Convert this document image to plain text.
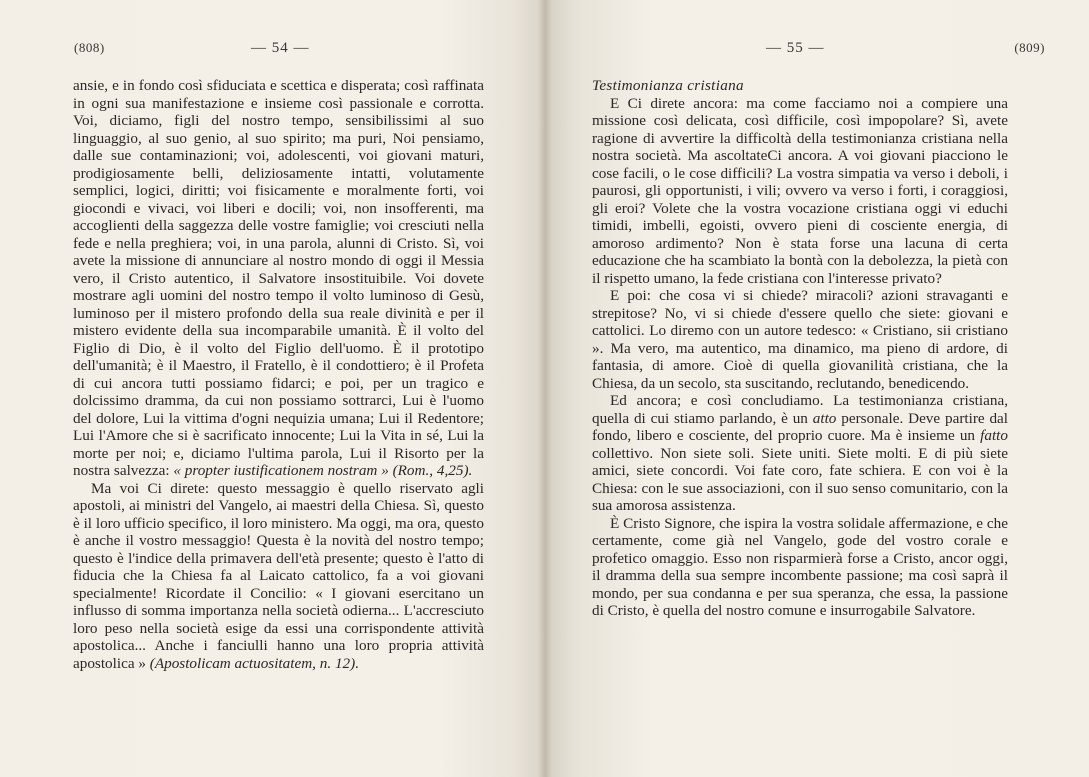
(808)	— 54 —

ansie, e in fondo così sfiduciata e scettica e disperata; così raffinata in ogni sua manifestazione e insieme così passionale e corrotta. Voi, diciamo, figli del nostro tempo, sensibilissimi al suo linguaggio, al suo genio, al suo spirito; ma puri, Noi pensiamo, dalle sue contaminazioni; voi, adolescenti, voi giovani maturi, prodigiosamente belli, deliziosamente intatti, volutamente semplici, logici, diritti; voi fisicamente e moralmente forti, voi giocondi e vivaci, voi liberi e docili; voi, non insofferenti, ma accoglienti della saggezza delle vostre famiglie; voi cresciuti nella fede e nella preghiera; voi, in una parola, alunni di Cristo. Sì, voi avete la missione di annunciare al nostro mondo di oggi il Messia vero, il Cristo autentico, il Salvatore insostituibile. Voi dovete mostrare agli uomini del nostro tempo il volto luminoso di Gesù, luminoso per il mistero profondo della sua reale divinità e per il mistero evidente della sua incomparabile umanità. È il volto del Figlio di Dio, è il volto del Figlio dell'uomo. È il prototipo dell'umanità; è il Maestro, il Fratello, è il condottiero; è il Profeta di cui ancora tutti possiamo fidarci; e poi, per un tragico e dolcissimo dramma, da cui non possiamo sottrarci, Lui è l'uomo del dolore, Lui la vittima d'ogni nequizia umana; Lui il Redentore; Lui l'Amore che si è sacrificato innocente; Lui la Vita in sé, Lui la morte per noi; e, diciamo l'ultima parola, Lui il Risorto per la nostra salvezza: « propter iustificationem nostram » (Rom., 4,25).

Ma voi Ci direte: questo messaggio è quello riservato agli apostoli, ai ministri del Vangelo, ai maestri della Chiesa. Sì, questo è il loro ufficio specifico, il loro ministero. Ma oggi, ma ora, questo è anche il vostro messaggio! Questa è la novità del nostro tempo; questo è l'indice della primavera dell'età presente; questo è l'atto di fiducia che la Chiesa fa al Laicato cattolico, fa a voi giovani specialmente! Ricordate il Concilio: « I giovani esercitano un influsso di somma importanza nella società odierna... L'accresciuto loro peso nella società esige da essi una corrispondente attività apostolica... Anche i fanciulli hanno una loro propria attività apostolica » (Apostolicam actuositatem, n. 12).

— 55 —	(809)

Testimonianza cristiana

E Ci direte ancora: ma come facciamo noi a compiere una missione così delicata, così difficile, così impopolare? Sì, avete ragione di avvertire la difficoltà della testimonianza cristiana nella nostra società. Ma ascoltateCi ancora. A voi giovani piacciono le cose facili, o le cose difficili? La vostra simpatia va verso i deboli, i paurosi, gli opportunisti, i vili; ovvero va verso i forti, i coraggiosi, gli eroi? Volete che la vostra vocazione cristiana oggi vi educhi timidi, imbelli, egoisti, ovvero pieni di cosciente energia, di amoroso ardimento? Non è stata forse una lacuna di certa educazione che ha scambiato la bontà con la debolezza, la pietà con il rispetto umano, la fede cristiana con l'interesse privato?

E poi: che cosa vi si chiede? miracoli? azioni stravaganti e strepitose? No, vi si chiede d'essere quello che siete: giovani e cattolici. Lo diremo con un autore tedesco: « Cristiano, sii cristiano ». Ma vero, ma autentico, ma dinamico, ma pieno di ardore, di fantasia, di amore. Cioè di quella giovanilità cristiana, che la Chiesa, da un secolo, sta suscitando, reclutando, benedicendo.

Ed ancora; e così concludiamo. La testimonianza cristiana, quella di cui stiamo parlando, è un atto personale. Deve partire dal fondo, libero e cosciente, del proprio cuore. Ma è insieme un fatto collettivo. Non siete soli. Siete uniti. Siete molti. E di più siete amici, siete concordi. Voi fate coro, fate schiera. E con voi è la Chiesa: con le sue associazioni, con il suo senso comunitario, con la sua amorosa assistenza.

È Cristo Signore, che ispira la vostra solidale affermazione, e che certamente, come già nel Vangelo, gode del vostro corale e profetico omaggio. Esso non risparmierà forse a Cristo, ancor oggi, il dramma della sua sempre incombente passione; ma così saprà il mondo, per sua condanna e per sua speranza, che essa, la passione di Cristo, è quella del nostro comune e insurrogabile Salvatore.
